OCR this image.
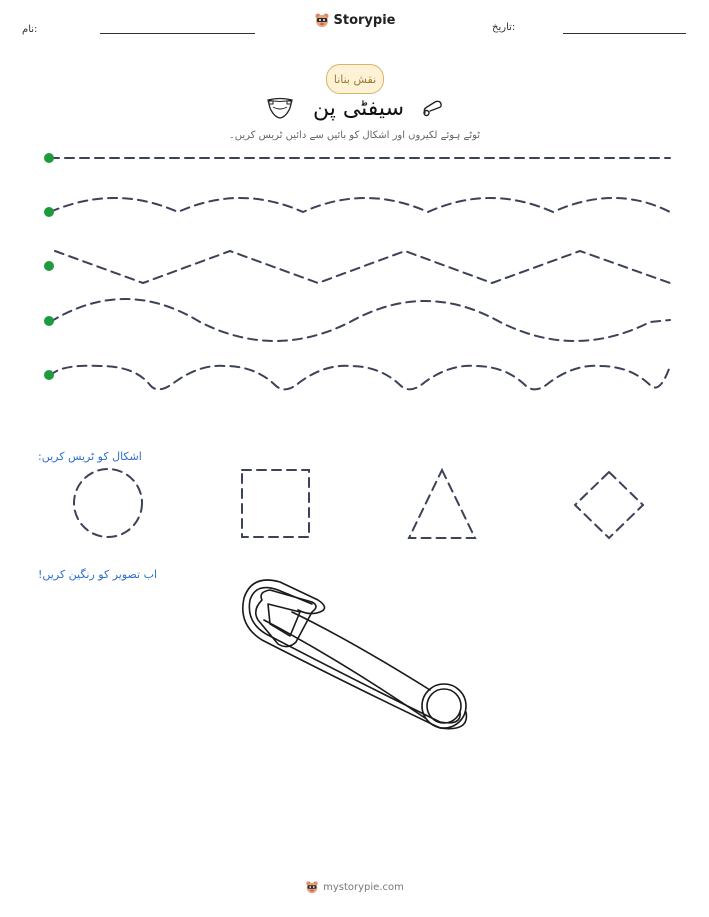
Storypie
نام:	تاریخ:
نقش بنانا
سیفٹی پن
ٹوٹے ہوئے لکیروں اور اشکال کو بائیں سے دائیں ٹریس کریں۔
اشکال کو ٹریس کریں:
اب تصویر کو رنگین کریں!
mystorypie.com
